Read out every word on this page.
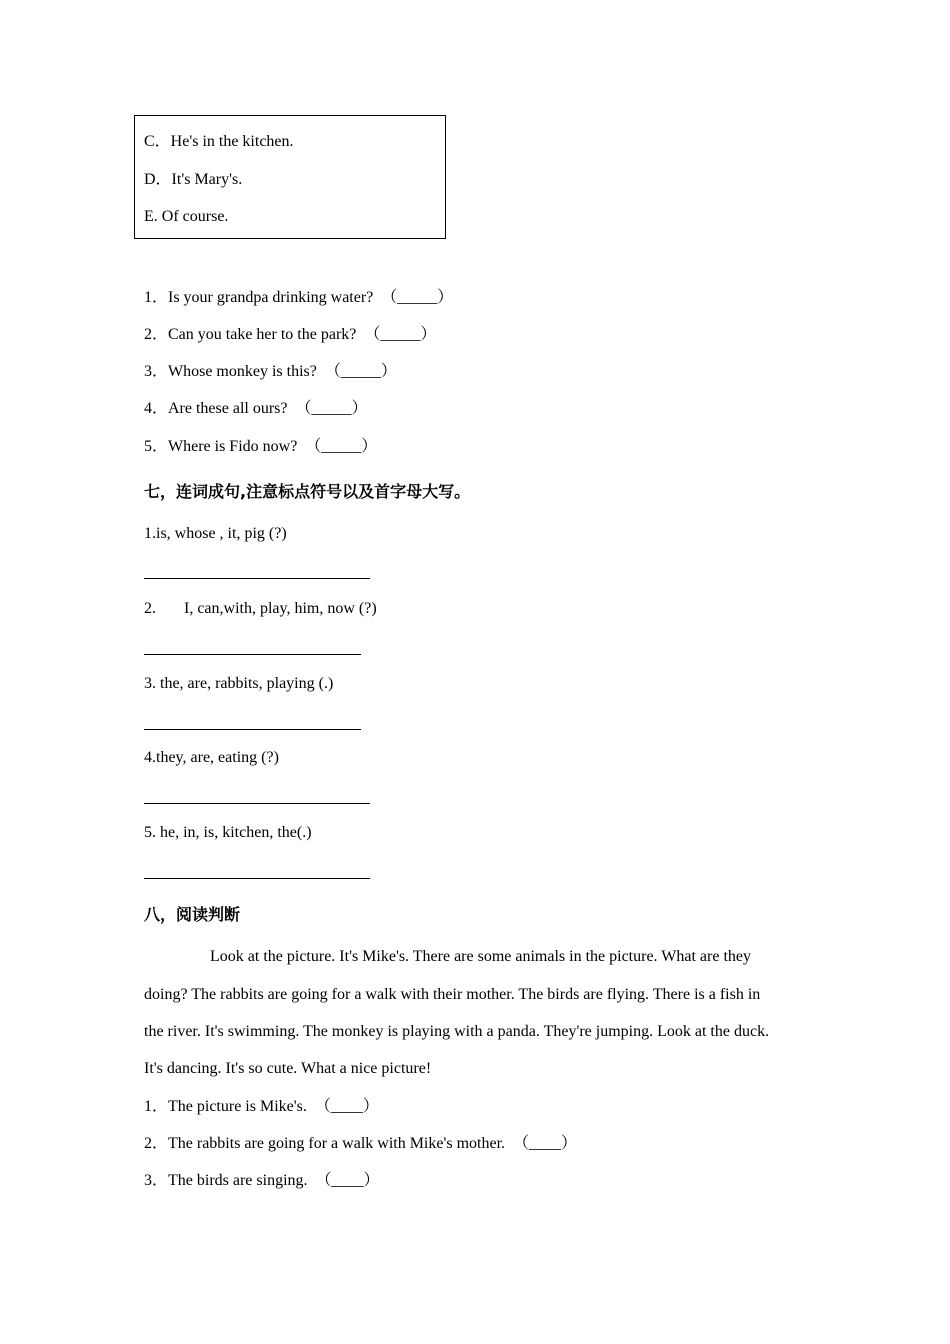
C．He's in the kitchen.
D．It's Mary's.
E. Of course.
1．Is your grandpa drinking water?  （_____）
2．Can you take her to the park?  （_____）
3．Whose monkey is this?  （_____）
4．Are these all ours?  （_____）
5．Where is Fido now?  （_____）
七，连词成句,注意标点符号以及首字母大写。
1.is, whose , it, pig (?)
2.       I, can,with, play, him, now (?)
3. the, are, rabbits, playing (.)
4.they, are, eating (?)
5. he, in, is, kitchen, the(.)
八，阅读判断
Look at the picture. It's Mike's. There are some animals in the picture. What are they
doing? The rabbits are going for a walk with their mother. The birds are flying. There is a fish in
the river. It's swimming. The monkey is playing with a panda. They're jumping. Look at the duck.
It's dancing. It's so cute. What a nice picture!
1．The picture is Mike's.  （____）
2．The rabbits are going for a walk with Mike's mother.  （____）
3．The birds are singing.  （____）
